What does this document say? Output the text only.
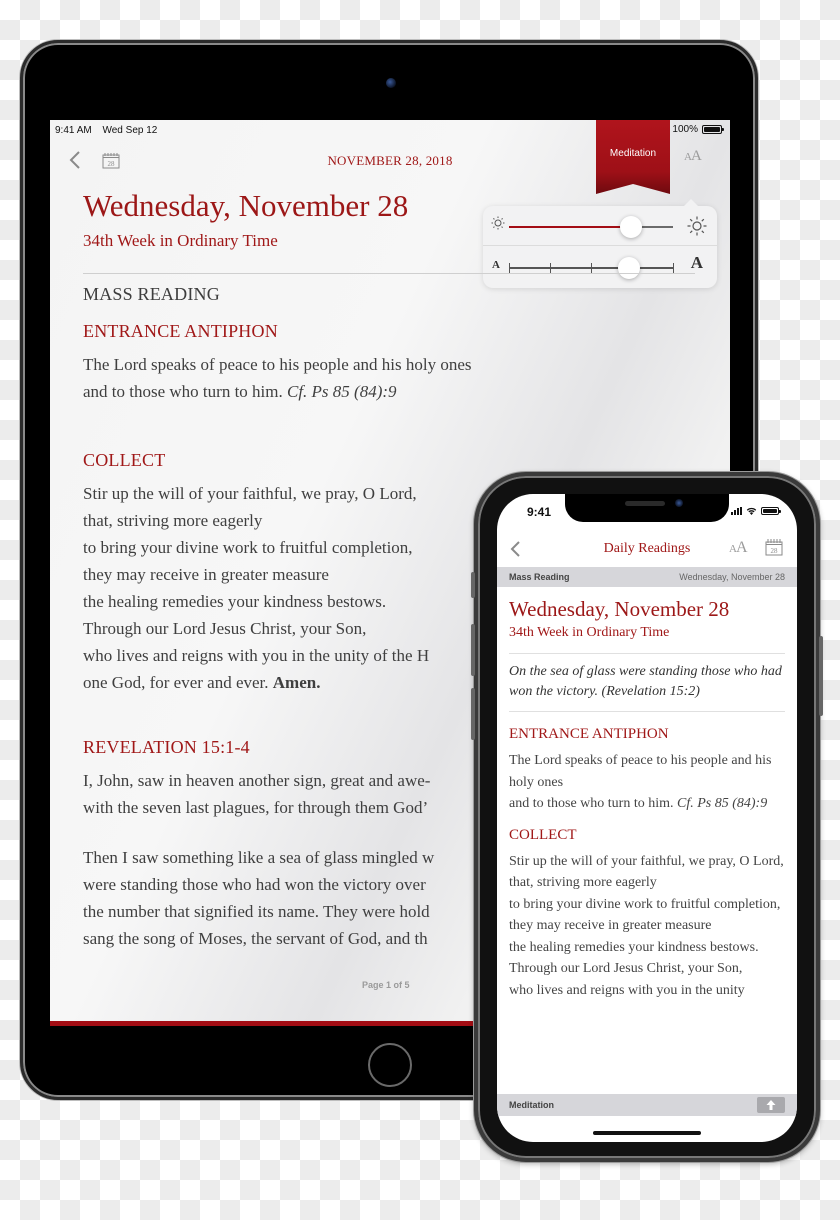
9:41 AM Wed Sep 12	100%
28	NOVEMBER 28, 2018	Meditation	AA
A	A
Wednesday, November 28
34th Week in Ordinary Time
MASS READING
ENTRANCE ANTIPHON
The Lord speaks of peace to his people and his holy ones
and to those who turn to him. Cf. Ps 85 (84):9
COLLECT
Stir up the will of your faithful, we pray, O Lord,
that, striving more eagerly
to bring your divine work to fruitful completion,
they may receive in greater measure
the healing remedies your kindness bestows.
Through our Lord Jesus Christ, your Son,
who lives and reigns with you in the unity of the H
one God, for ever and ever. Amen.
REVELATION 15:1-4
I, John, saw in heaven another sign, great and awe-
with the seven last plagues, for through them God’
Then I saw something like a sea of glass mingled w
were standing those who had won the victory over
the number that signified its name. They were hold
sang the song of Moses, the servant of God, and th
Page 1 of 5
9:41
Daily Readings	AA	28
Mass Reading	Wednesday, November 28
Wednesday, November 28
34th Week in Ordinary Time
On the sea of glass were standing those who had won the victory. (Revelation 15:2)
ENTRANCE ANTIPHON
The Lord speaks of peace to his people and his holy ones
and to those who turn to him. Cf. Ps 85 (84):9
COLLECT
Stir up the will of your faithful, we pray, O Lord,
that, striving more eagerly
to bring your divine work to fruitful completion,
they may receive in greater measure
the healing remedies your kindness bestows.
Through our Lord Jesus Christ, your Son,
who lives and reigns with you in the unity
Meditation
